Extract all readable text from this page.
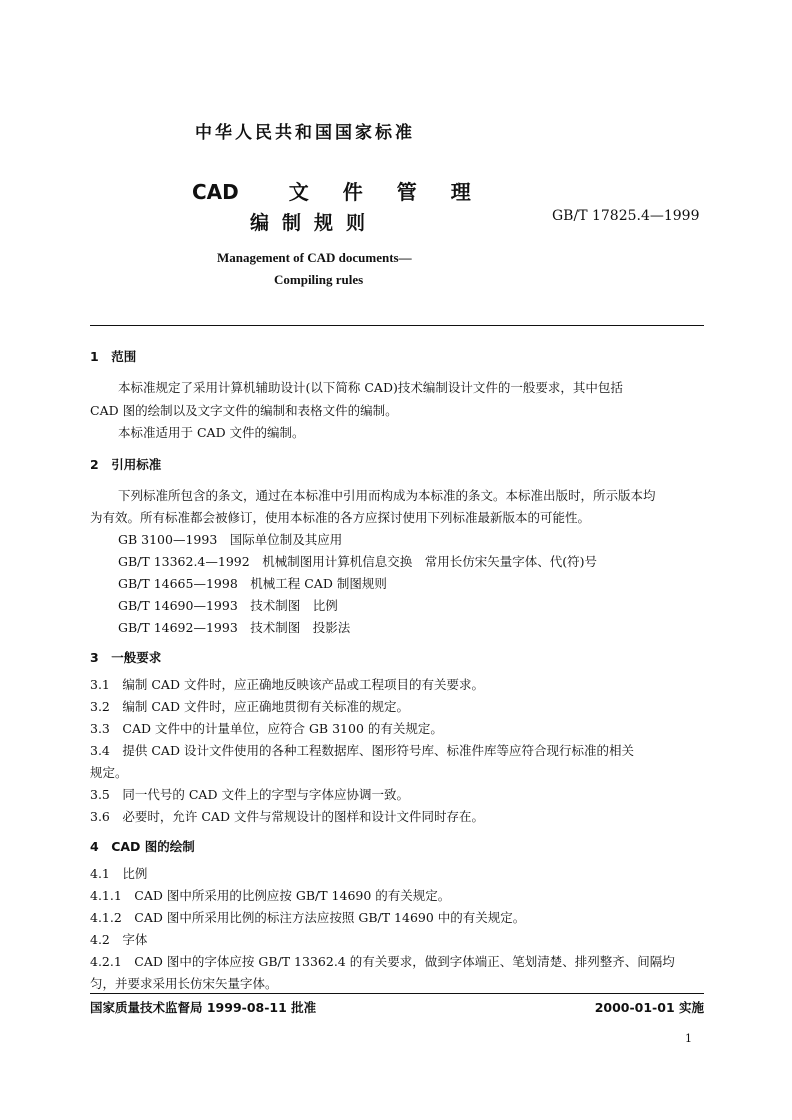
中华人民共和国国家标准
CAD	文 件 管 理
编制规则	GB/T 17825.4—1999
Management of CAD documents—
Compiling rules
1　范围
本标准规定了采用计算机辅助设计(以下简称 CAD)技术编制设计文件的一般要求，其中包括
CAD 图的绘制以及文字文件的编制和表格文件的编制。
本标准适用于 CAD 文件的编制。
2　引用标准
下列标准所包含的条文，通过在本标准中引用而构成为本标准的条文。本标准出版时，所示版本均
为有效。所有标准都会被修订，使用本标准的各方应探讨使用下列标准最新版本的可能性。
GB 3100—1993　国际单位制及其应用
GB/T 13362.4—1992　机械制图用计算机信息交换　常用长仿宋矢量字体、代(符)号
GB/T 14665—1998　机械工程 CAD 制图规则
GB/T 14690—1993　技术制图　比例
GB/T 14692—1993　技术制图　投影法
3　一般要求
3.1　编制 CAD 文件时，应正确地反映该产品或工程项目的有关要求。
3.2　编制 CAD 文件时，应正确地贯彻有关标准的规定。
3.3　CAD 文件中的计量单位，应符合 GB 3100 的有关规定。
3.4　提供 CAD 设计文件使用的各种工程数据库、图形符号库、标准件库等应符合现行标准的相关
规定。
3.5　同一代号的 CAD 文件上的字型与字体应协调一致。
3.6　必要时，允许 CAD 文件与常规设计的图样和设计文件同时存在。
4　CAD 图的绘制
4.1　比例
4.1.1　CAD 图中所采用的比例应按 GB/T 14690 的有关规定。
4.1.2　CAD 图中所采用比例的标注方法应按照 GB/T 14690 中的有关规定。
4.2　字体
4.2.1　CAD 图中的字体应按 GB/T 13362.4 的有关要求，做到字体端正、笔划清楚、排列整齐、间隔均
匀，并要求采用长仿宋矢量字体。
国家质量技术监督局 1999-08-11 批准	2000-01-01 实施
1
